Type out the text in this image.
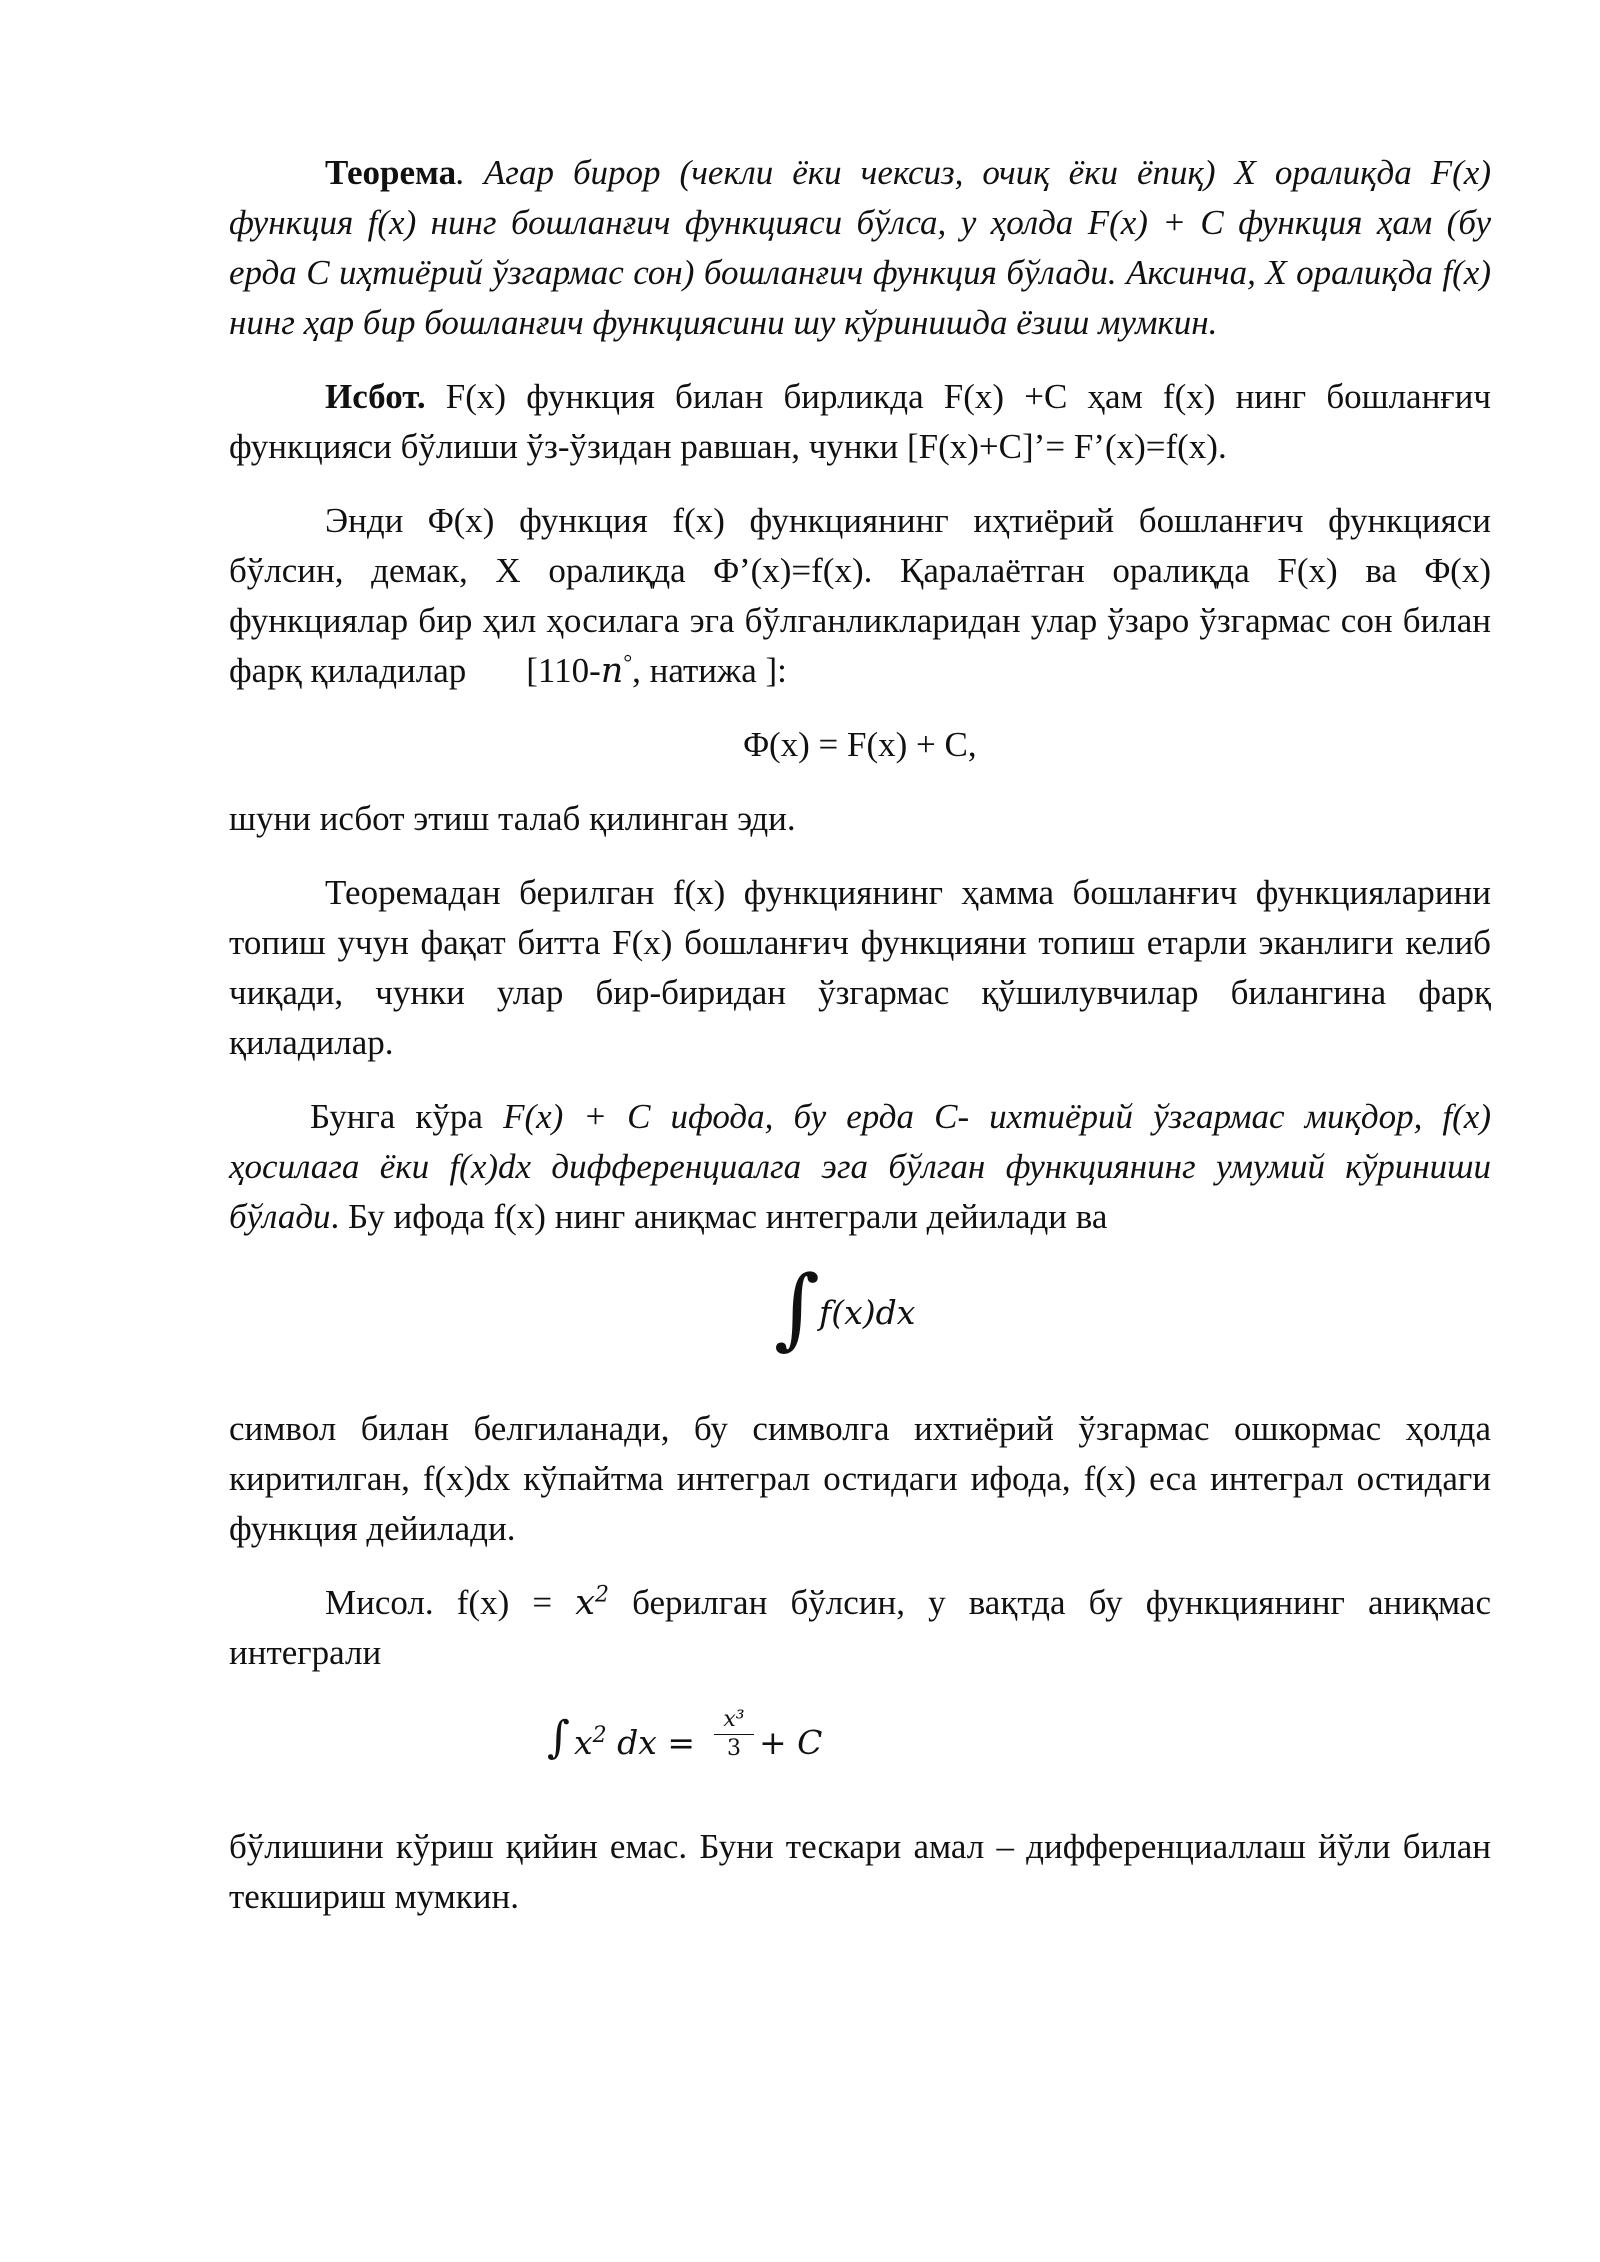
Теорема. Агар бирор (чекли ёки чексиз, очиқ ёки ёпиқ) X оралиқда F(x) функция f(x) нинг бошланғич функцияси бўлса, у ҳолда F(x) + C функция ҳам (бу ерда C иҳтиёрий ўзгармас сон) бошланғич функция бўлади. Аксинча, X оралиқда f(x) нинг ҳар бир бошланғич функциясини шу кўринишда ёзиш мумкин.

Исбот. F(x) функция билан бирликда F(x) +C ҳам f(x) нинг бошланғич функцияси бўлиши ўз-ўзидан равшан, чунки [F(x)+C]’= F’(x)=f(x).

Энди Φ(x) функция f(x) функциянинг иҳтиёрий бошланғич функцияси бўлсин, демак, X оралиқда Φ’(x)=f(x). Қаралаётган оралиқда F(x) ва Φ(x) функциялар бир ҳил ҳосилага эга бўлганликларидан улар ўзаро ўзгармас сон билан фарқ қиладилар [110-n°, натижа ]:

Φ(x) = F(x) + C,

шуни исбот этиш талаб қилинган эди.

Теоремадан берилган f(x) функциянинг ҳамма бошланғич функцияларини топиш учун фақат битта F(x) бошланғич функцияни топиш етарли эканлиги келиб чиқади, чунки улар бир-биридан ўзгармас қўшилувчилар билангина фарқ қиладилар.

Бунга кўра F(x) + C ифода, бу ерда C- ихтиёрий ўзгармас миқдор, f(x) ҳосилага ёки f(x)dx дифференциалга эга бўлган функциянинг умумий кўриниши бўлади. Бу ифода f(x) нинг аниқмас интеграли дейилади ва

∫ f(x)dx

символ билан белгиланади, бу символга ихтиёрий ўзгармас ошкормас ҳолда киритилган, f(x)dx кўпайтма интеграл остидаги ифода, f(x) еса интеграл остидаги функция дейилади.

Мисол. $f(x) = x^2$ берилган бўлсин, у вақтда бу функциянинг аниқмас интеграли

∫ $x^2$ dx = $\frac{\text{x³}}{3} + C$

бўлишини кўриш қийин емас. Буни тескари амал – дифференциаллаш йўли билан текшириш мумкин.
